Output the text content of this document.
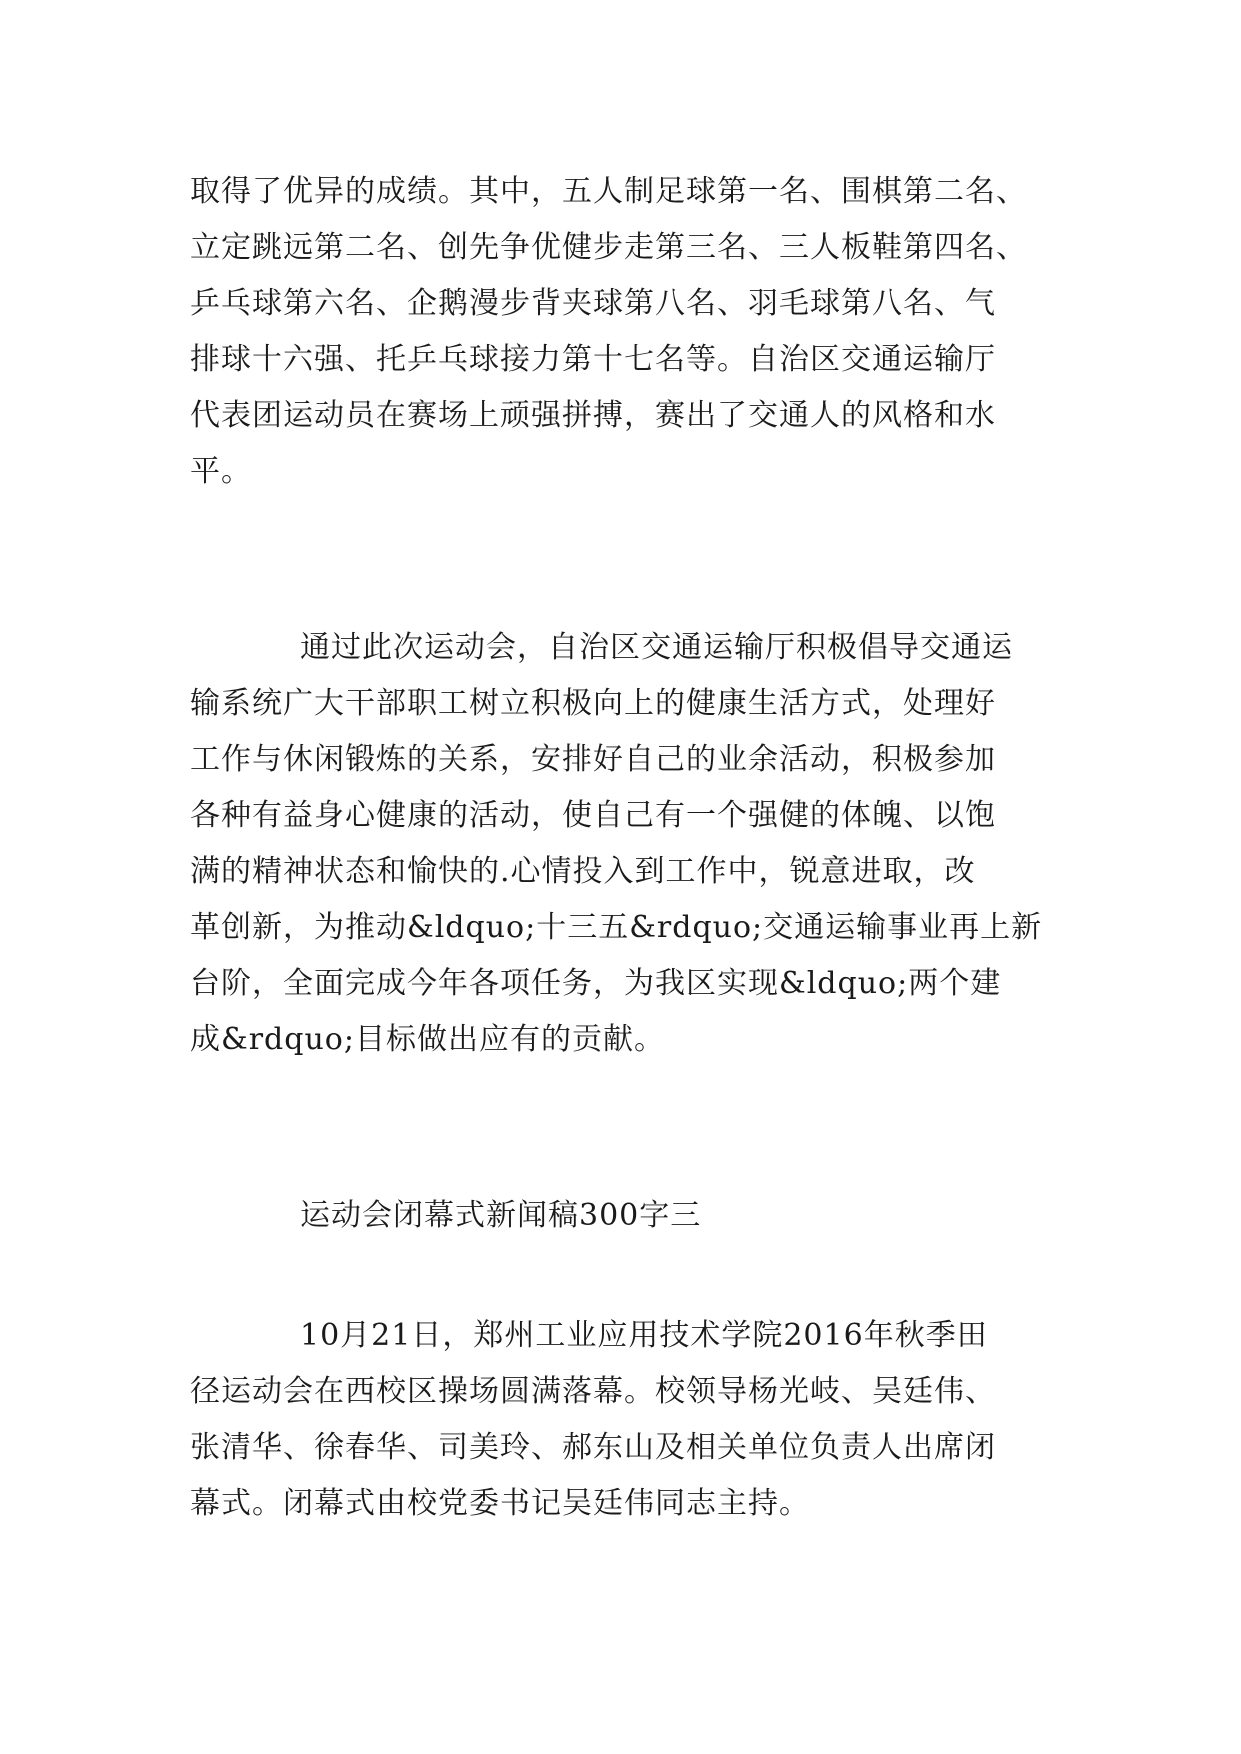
取得了优异的成绩。其中，五人制足球第一名、围棋第二名、
立定跳远第二名、创先争优健步走第三名、三人板鞋第四名、
乒乓球第六名、企鹅漫步背夹球第八名、羽毛球第八名、气
排球十六强、托乒乓球接力第十七名等。自治区交通运输厅
代表团运动员在赛场上顽强拼搏，赛出了交通人的风格和水
平。
通过此次运动会，自治区交通运输厅积极倡导交通运
输系统广大干部职工树立积极向上的健康生活方式，处理好
工作与休闲锻炼的关系，安排好自己的业余活动，积极参加
各种有益身心健康的活动，使自己有一个强健的体魄、以饱
满的精神状态和愉快的.心情投入到工作中，锐意进取，改
革创新，为推动&ldquo;十三五&rdquo;交通运输事业再上新
台阶，全面完成今年各项任务，为我区实现&ldquo;两个建
成&rdquo;目标做出应有的贡献。
运动会闭幕式新闻稿300字三
10月21日，郑州工业应用技术学院2016年秋季田
径运动会在西校区操场圆满落幕。校领导杨光岐、吴廷伟、
张清华、徐春华、司美玲、郝东山及相关单位负责人出席闭
幕式。闭幕式由校党委书记吴廷伟同志主持。
